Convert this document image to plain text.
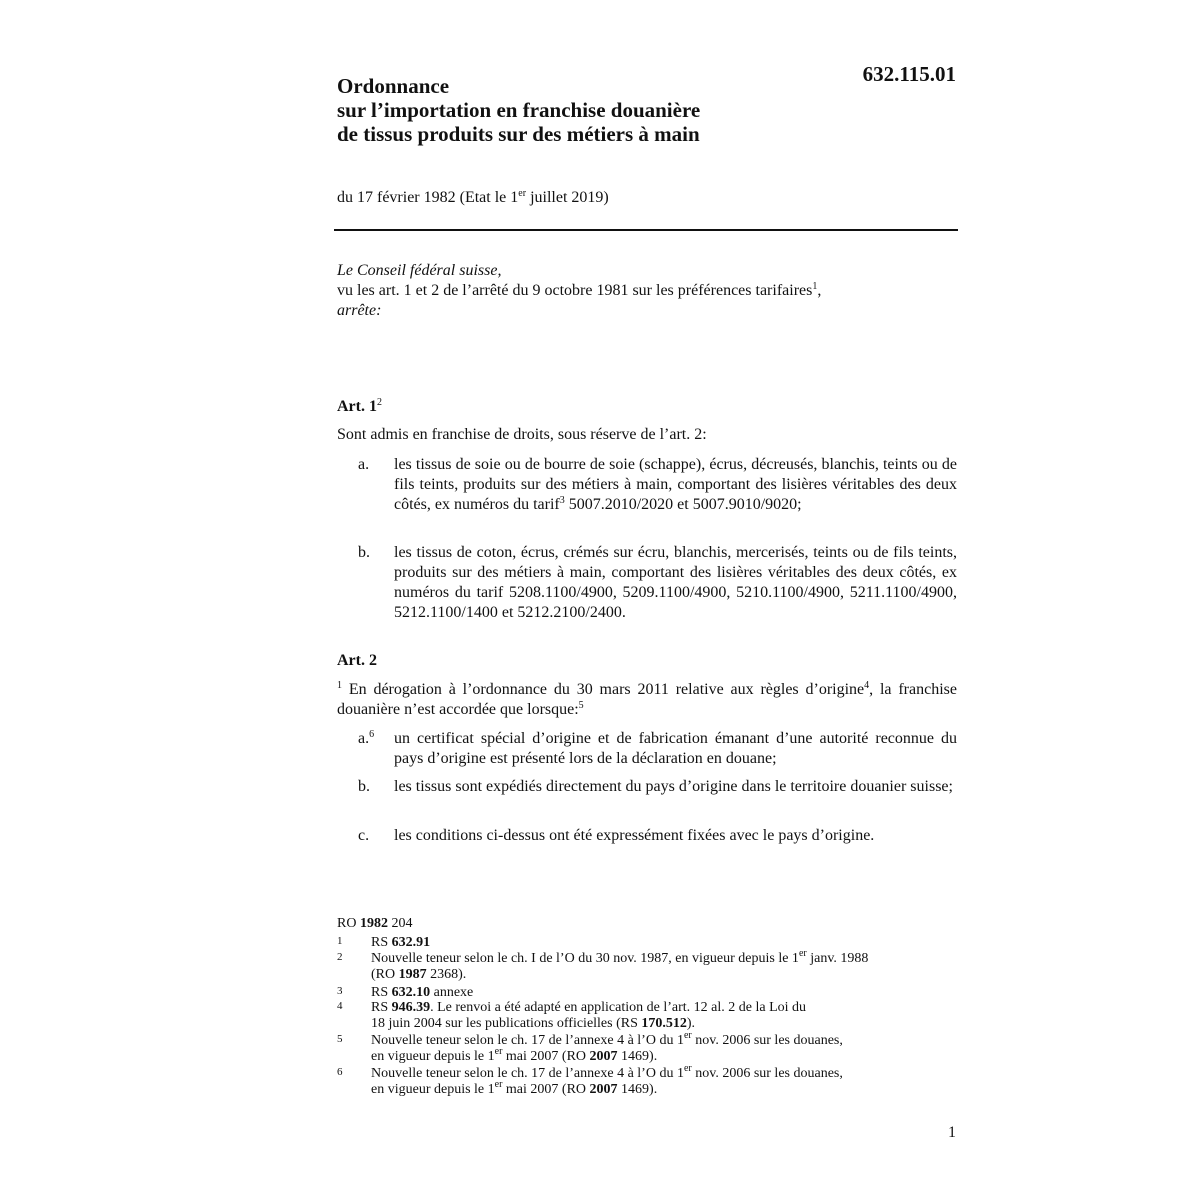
632.115.01
Ordonnance
sur l’importation en franchise douanière
de tissus produits sur des métiers à main
du 17 février 1982 (Etat le 1er juillet 2019)
Le Conseil fédéral suisse,
vu les art. 1 et 2 de l’arrêté du 9 octobre 1981 sur les préférences tarifaires$^1$,
arrête:
Art. $1^2$
Sont admis en franchise de droits, sous réserve de l’art. 2:
a. les tissus de soie ou de bourre de soie (schappe), écrus, décreusés, blanchis, teints ou de fils teints, produits sur des métiers à main, comportant des lisières véritables des deux côtés, ex numéros du tarif$^3$ 5007.2010/2020 et 5007.9010/9020;
b. les tissus de coton, écrus, crémés sur écru, blanchis, mercerisés, teints ou de fils teints, produits sur des métiers à main, comportant des lisières véritables des deux côtés, ex numéros du tarif 5208.1100/4900, 5209.1100/4900, 5210.1100/4900, 5211.1100/4900, 5212.1100/1400 et 5212.2100/2400.
Art. 2
$^1$ En dérogation à l’ordonnance du 30 mars 2011 relative aux règles d’origine$^4$, la franchise douanière n’est accordée que lorsque:$^5$
a.$^6$ un certificat spécial d’origine et de fabrication émanant d’une autorité reconnue du pays d’origine est présenté lors de la déclaration en douane;
b. les tissus sont expédiés directement du pays d’origine dans le territoire douanier suisse;
c. les conditions ci-dessus ont été expressément fixées avec le pays d’origine.
RO 1982 204
1 RS 632.91
2 Nouvelle teneur selon le ch. I de l’O du 30 nov. 1987, en vigueur depuis le 1er janv. 1988
(RO 1987 2368).
3 RS 632.10 annexe
4 RS 946.39. Le renvoi a été adapté en application de l’art. 12 al. 2 de la Loi du
18 juin 2004 sur les publications officielles (RS 170.512).
5 Nouvelle teneur selon le ch. 17 de l’annexe 4 à l’O du 1er nov. 2006 sur les douanes,
en vigueur depuis le 1er mai 2007 (RO 2007 1469).
6 Nouvelle teneur selon le ch. 17 de l’annexe 4 à l’O du 1er nov. 2006 sur les douanes,
en vigueur depuis le 1er mai 2007 (RO 2007 1469).
1
